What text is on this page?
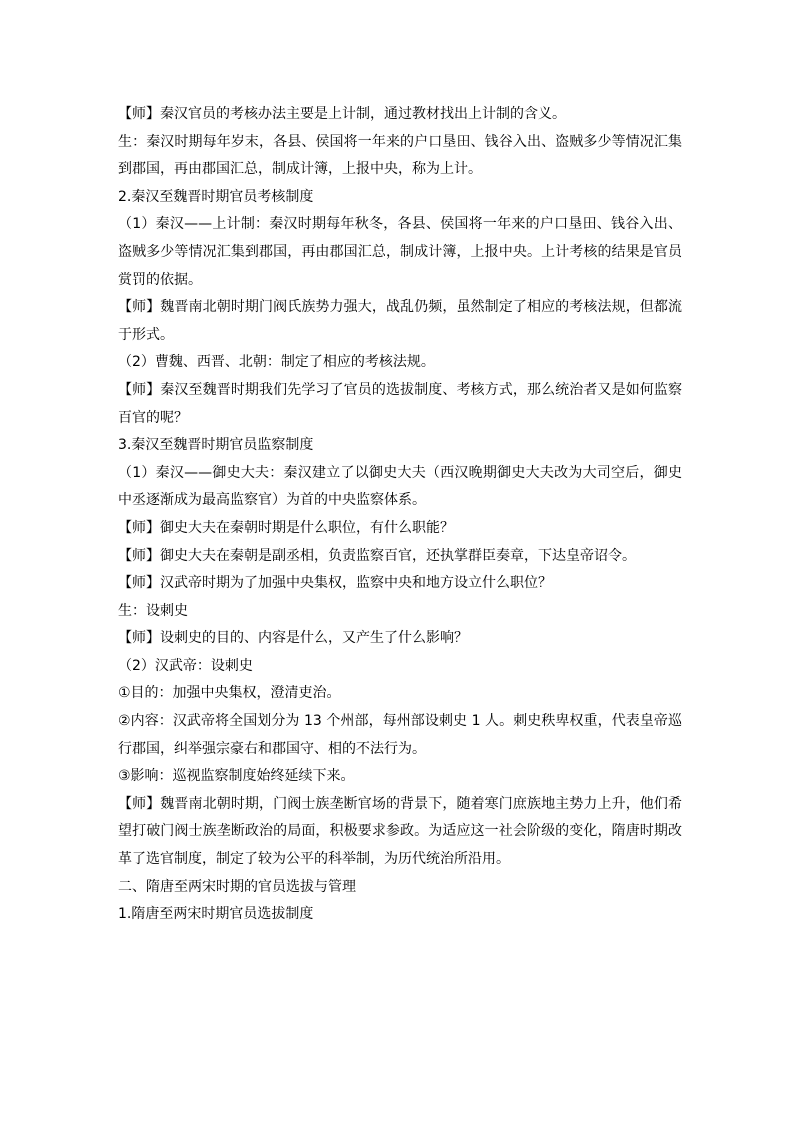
【师】秦汉官员的考核办法主要是上计制，通过教材找出上计制的含义。

生：秦汉时期每年岁末，各县、侯国将一年来的户口垦田、钱谷入出、盗贼多少等情况汇集到郡国，再由郡国汇总，制成计簿，上报中央，称为上计。

2.秦汉至魏晋时期官员考核制度

（1）秦汉——上计制：秦汉时期每年秋冬，各县、侯国将一年来的户口垦田、钱谷入出、盗贼多少等情况汇集到郡国，再由郡国汇总，制成计簿，上报中央。上计考核的结果是官员赏罚的依据。

【师】魏晋南北朝时期门阀氏族势力强大，战乱仍频，虽然制定了相应的考核法规，但都流于形式。

（2）曹魏、西晋、北朝：制定了相应的考核法规。

【师】秦汉至魏晋时期我们先学习了官员的选拔制度、考核方式，那么统治者又是如何监察百官的呢？

3.秦汉至魏晋时期官员监察制度

（1）秦汉——御史大夫：秦汉建立了以御史大夫（西汉晚期御史大夫改为大司空后，御史中丞逐渐成为最高监察官）为首的中央监察体系。

【师】御史大夫在秦朝时期是什么职位，有什么职能？

【师】御史大夫在秦朝是副丞相，负责监察百官，还执掌群臣奏章，下达皇帝诏令。

【师】汉武帝时期为了加强中央集权，监察中央和地方设立什么职位？

生：设刺史

【师】设刺史的目的、内容是什么，又产生了什么影响？

（2）汉武帝：设刺史

①目的：加强中央集权，澄清吏治。

②内容：汉武帝将全国划分为 13 个州部，每州部设刺史 1 人。刺史秩卑权重，代表皇帝巡行郡国，纠举强宗豪右和郡国守、相的不法行为。

③影响：巡视监察制度始终延续下来。

【师】魏晋南北朝时期，门阀士族垄断官场的背景下，随着寒门庶族地主势力上升，他们希望打破门阀士族垄断政治的局面，积极要求参政。为适应这一社会阶级的变化，隋唐时期改革了选官制度，制定了较为公平的科举制，为历代统治所沿用。

二、隋唐至两宋时期的官员选拔与管理

1.隋唐至两宋时期官员选拔制度
